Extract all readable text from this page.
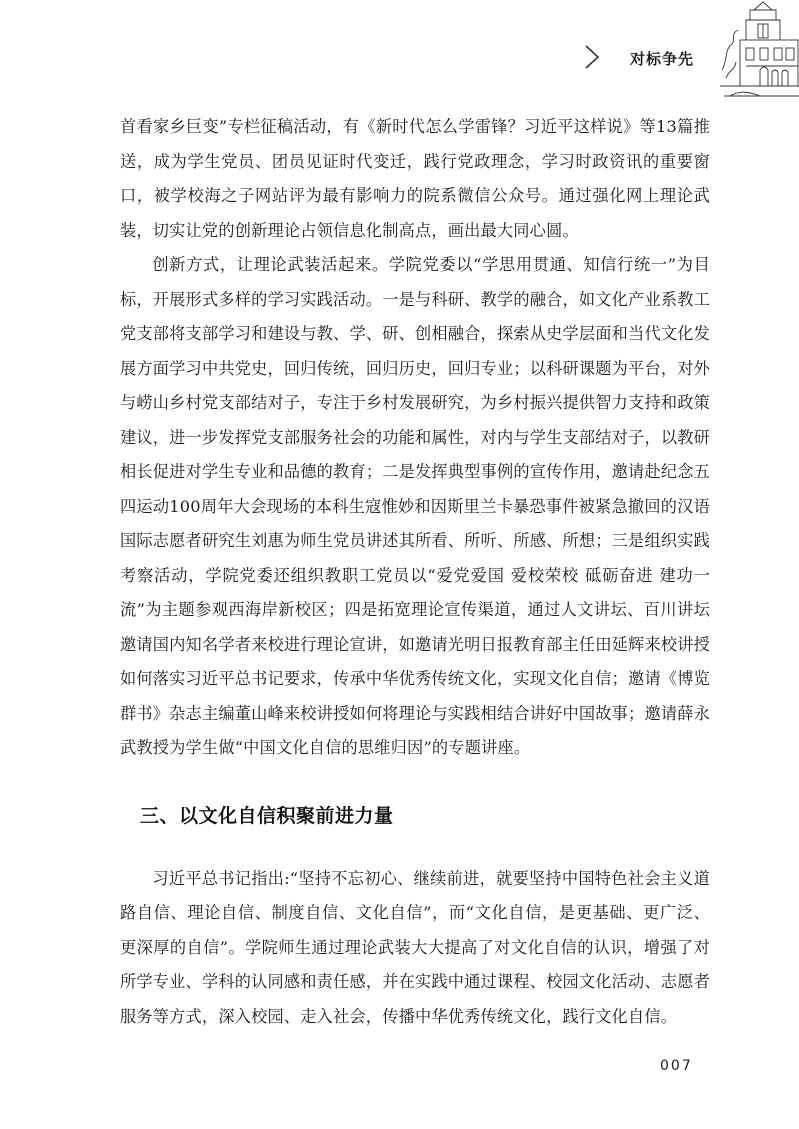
对标争先

首看家乡巨变”专栏征稿活动，有《新时代怎么学雷锋？习近平这样说》等13篇推送，成为学生党员、团员见证时代变迁，践行党政理念，学习时政资讯的重要窗口，被学校海之子网站评为最有影响力的院系微信公众号。通过强化网上理论武装，切实让党的创新理论占领信息化制高点，画出最大同心圆。

创新方式，让理论武装活起来。学院党委以“学思用贯通、知信行统一”为目标，开展形式多样的学习实践活动。一是与科研、教学的融合，如文化产业系教工党支部将支部学习和建设与教、学、研、创相融合，探索从史学层面和当代文化发展方面学习中共党史，回归传统，回归历史，回归专业；以科研课题为平台，对外与崂山乡村党支部结对子，专注于乡村发展研究，为乡村振兴提供智力支持和政策建议，进一步发挥党支部服务社会的功能和属性，对内与学生支部结对子，以教研相长促进对学生专业和品德的教育；二是发挥典型事例的宣传作用，邀请赴纪念五四运动100周年大会现场的本科生寇惟妙和因斯里兰卡暴恐事件被紧急撤回的汉语国际志愿者研究生刘惠为师生党员讲述其所看、所听、所感、所想；三是组织实践考察活动，学院党委还组织教职工党员以“爱党爱国 爱校荣校 砥砺奋进 建功一流”为主题参观西海岸新校区；四是拓宽理论宣传渠道，通过人文讲坛、百川讲坛邀请国内知名学者来校进行理论宣讲，如邀请光明日报教育部主任田延辉来校讲授如何落实习近平总书记要求，传承中华优秀传统文化，实现文化自信；邀请《博览群书》杂志主编董山峰来校讲授如何将理论与实践相结合讲好中国故事；邀请薛永武教授为学生做“中国文化自信的思维归因”的专题讲座。

三、以文化自信积聚前进力量

习近平总书记指出:“坚持不忘初心、继续前进，就要坚持中国特色社会主义道路自信、理论自信、制度自信、文化自信”，而“文化自信，是更基础、更广泛、更深厚的自信”。学院师生通过理论武装大大提高了对文化自信的认识，增强了对所学专业、学科的认同感和责任感，并在实践中通过课程、校园文化活动、志愿者服务等方式，深入校园、走入社会，传播中华优秀传统文化，践行文化自信。

007
